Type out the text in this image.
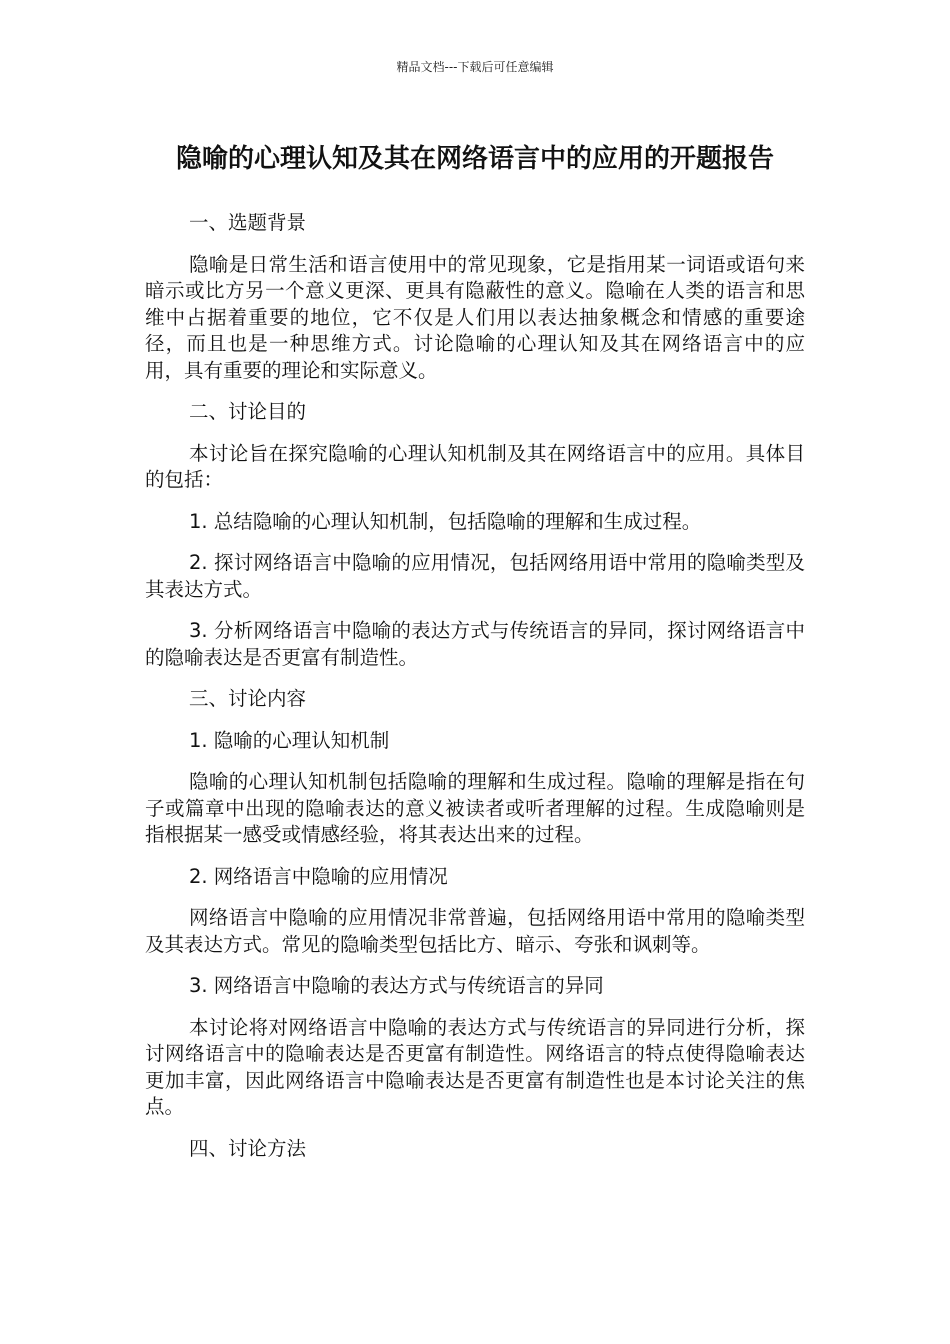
精品文档---下载后可任意编辑
隐喻的心理认知及其在网络语言中的应用的开题报告

一、选题背景

隐喻是日常生活和语言使用中的常见现象，它是指用某一词语或语句来暗示或比方另一个意义更深、更具有隐蔽性的意义。隐喻在人类的语言和思维中占据着重要的地位，它不仅是人们用以表达抽象概念和情感的重要途径，而且也是一种思维方式。讨论隐喻的心理认知及其在网络语言中的应用，具有重要的理论和实际意义。

二、讨论目的

本讨论旨在探究隐喻的心理认知机制及其在网络语言中的应用。具体目的包括：

1. 总结隐喻的心理认知机制，包括隐喻的理解和生成过程。

2. 探讨网络语言中隐喻的应用情况，包括网络用语中常用的隐喻类型及其表达方式。

3. 分析网络语言中隐喻的表达方式与传统语言的异同，探讨网络语言中的隐喻表达是否更富有制造性。

三、讨论内容

1. 隐喻的心理认知机制

隐喻的心理认知机制包括隐喻的理解和生成过程。隐喻的理解是指在句子或篇章中出现的隐喻表达的意义被读者或听者理解的过程。生成隐喻则是指根据某一感受或情感经验，将其表达出来的过程。

2. 网络语言中隐喻的应用情况

网络语言中隐喻的应用情况非常普遍，包括网络用语中常用的隐喻类型及其表达方式。常见的隐喻类型包括比方、暗示、夸张和讽刺等。

3. 网络语言中隐喻的表达方式与传统语言的异同

本讨论将对网络语言中隐喻的表达方式与传统语言的异同进行分析，探讨网络语言中的隐喻表达是否更富有制造性。网络语言的特点使得隐喻表达更加丰富，因此网络语言中隐喻表达是否更富有制造性也是本讨论关注的焦点。

四、讨论方法
